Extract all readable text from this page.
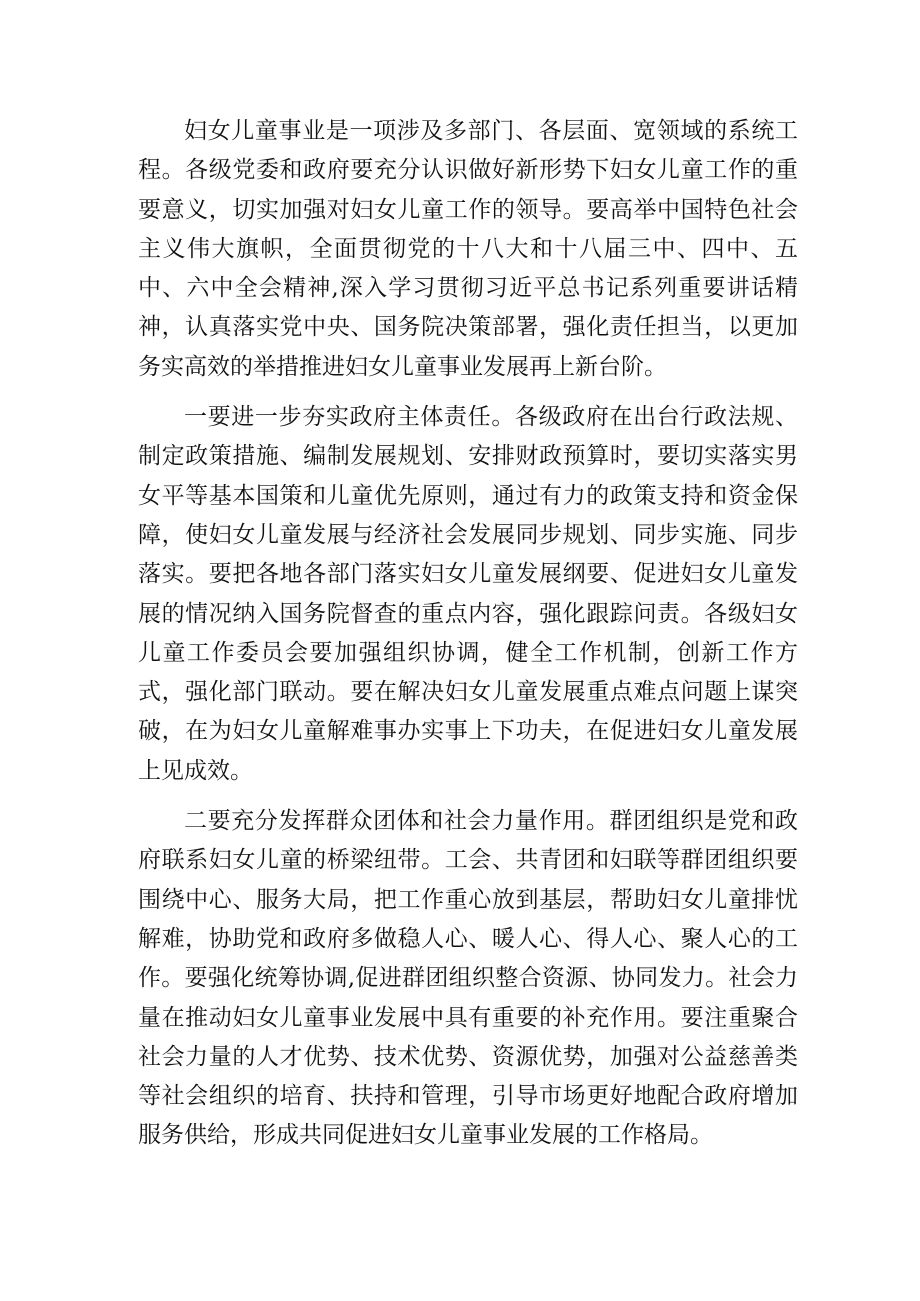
妇女儿童事业是一项涉及多部门、各层面、宽领域的系统工程。各级党委和政府要充分认识做好新形势下妇女儿童工作的重要意义，切实加强对妇女儿童工作的领导。要高举中国特色社会主义伟大旗帜，全面贯彻党的十八大和十八届三中、四中、五中、六中全会精神,深入学习贯彻习近平总书记系列重要讲话精神，认真落实党中央、国务院决策部署，强化责任担当，以更加务实高效的举措推进妇女儿童事业发展再上新台阶。

一要进一步夯实政府主体责任。各级政府在出台行政法规、制定政策措施、编制发展规划、安排财政预算时，要切实落实男女平等基本国策和儿童优先原则，通过有力的政策支持和资金保障，使妇女儿童发展与经济社会发展同步规划、同步实施、同步落实。要把各地各部门落实妇女儿童发展纲要、促进妇女儿童发展的情况纳入国务院督查的重点内容，强化跟踪问责。各级妇女儿童工作委员会要加强组织协调，健全工作机制，创新工作方式，强化部门联动。要在解决妇女儿童发展重点难点问题上谋突破，在为妇女儿童解难事办实事上下功夫，在促进妇女儿童发展上见成效。

二要充分发挥群众团体和社会力量作用。群团组织是党和政府联系妇女儿童的桥梁纽带。工会、共青团和妇联等群团组织要围绕中心、服务大局，把工作重心放到基层，帮助妇女儿童排忧解难，协助党和政府多做稳人心、暖人心、得人心、聚人心的工作。要强化统筹协调,促进群团组织整合资源、协同发力。社会力量在推动妇女儿童事业发展中具有重要的补充作用。要注重聚合社会力量的人才优势、技术优势、资源优势，加强对公益慈善类等社会组织的培育、扶持和管理，引导市场更好地配合政府增加服务供给，形成共同促进妇女儿童事业发展的工作格局。
